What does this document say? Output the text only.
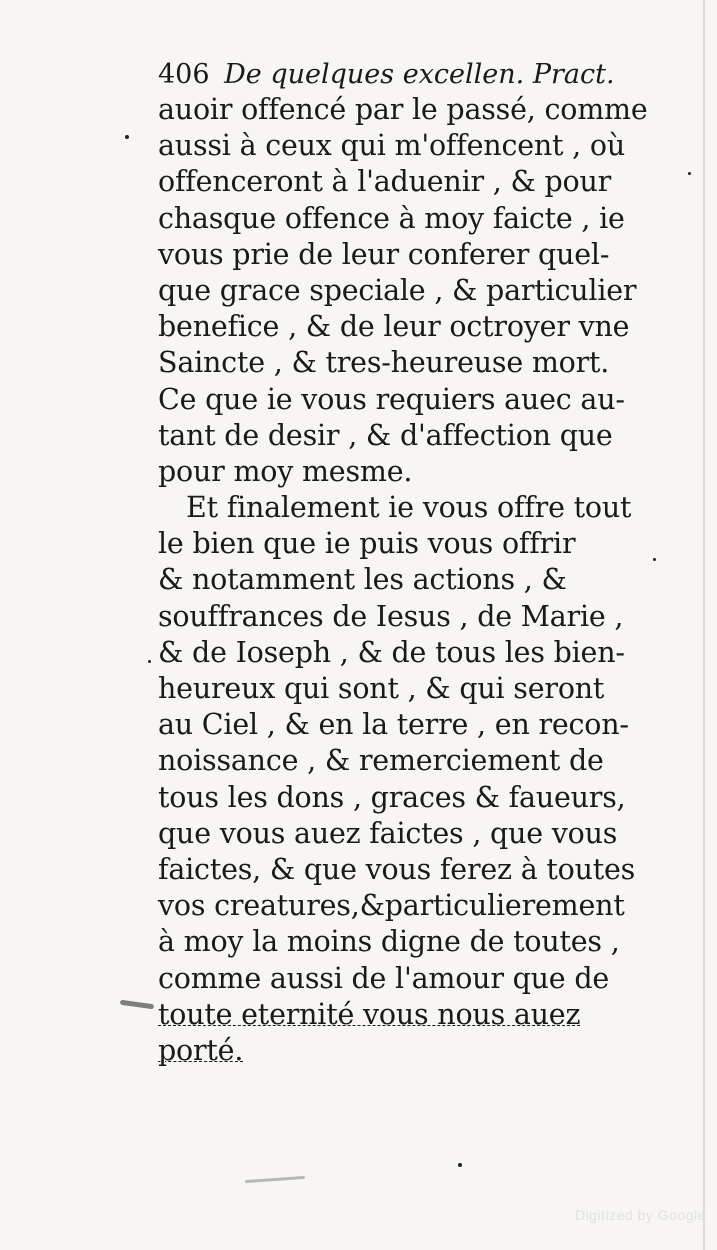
406 De quelques excellen. Pract.
auoir offencé par le passé, comme
aussi à ceux qui m'offencent , où
offenceront à l'aduenir , & pour
chasque offence à moy faicte , ie
vous prie de leur conferer quel-
que grace speciale , & particulier
benefice , & de leur octroyer vne
Saincte , & tres-heureuse mort.
Ce que ie vous requiers auec au-
tant de desir , & d'affection que
pour moy mesme.
Et finalement ie vous offre tout
le bien que ie puis vous offrir
& notamment les actions , &
souffrances de Iesus , de Marie ,
& de Ioseph , & de tous les bien-
heureux qui sont , & qui seront
au Ciel , & en la terre , en recon-
noissance , & remerciement de
tous les dons , graces & faueurs,
que vous auez faictes , que vous
faictes, & que vous ferez à toutes
vos creatures,&particulierement
à moy la moins digne de toutes ,
comme aussi de l'amour que de
toute eternité vous nous auez
porté.
Digitized by Google
